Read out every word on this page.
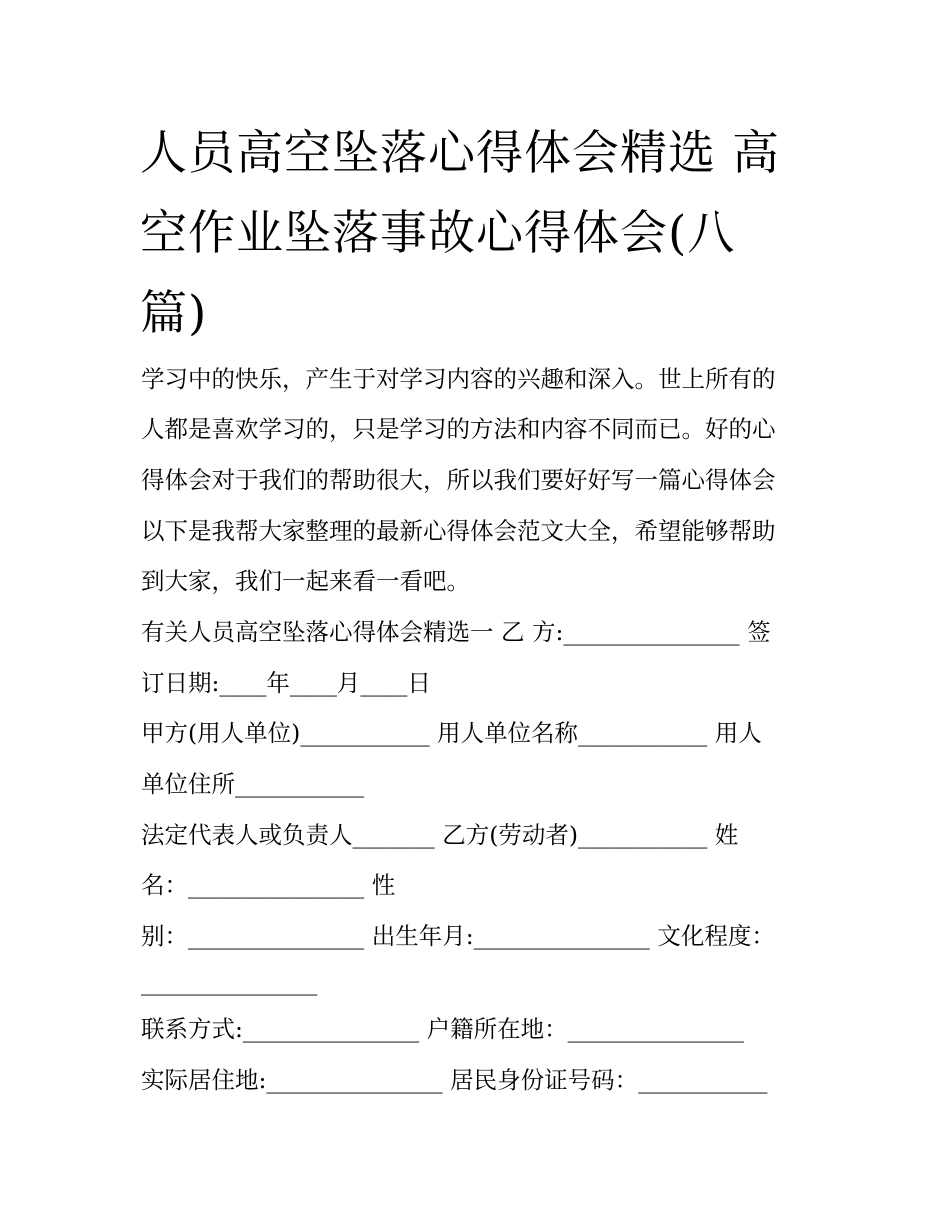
人员高空坠落心得体会精选 高
空作业坠落事故心得体会(八
篇)
学习中的快乐，产生于对学习内容的兴趣和深入。世上所有的
人都是喜欢学习的，只是学习的方法和内容不同而已。好的心
得体会对于我们的帮助很大，所以我们要好好写一篇心得体会
以下是我帮大家整理的最新心得体会范文大全，希望能够帮助
到大家，我们一起来看一看吧。
有关人员高空坠落心得体会精选一 乙 方:_______________ 签
订日期:____年____月____日
甲方(用人单位)___________ 用人单位名称___________ 用人
单位住所___________
法定代表人或负责人_______ 乙方(劳动者)___________ 姓
名：_______________ 性
别：_______________ 出生年月:_______________ 文化程度：
_______________
联系方式:_______________ 户籍所在地：_______________
实际居住地:_______________ 居民身份证号码：___________
